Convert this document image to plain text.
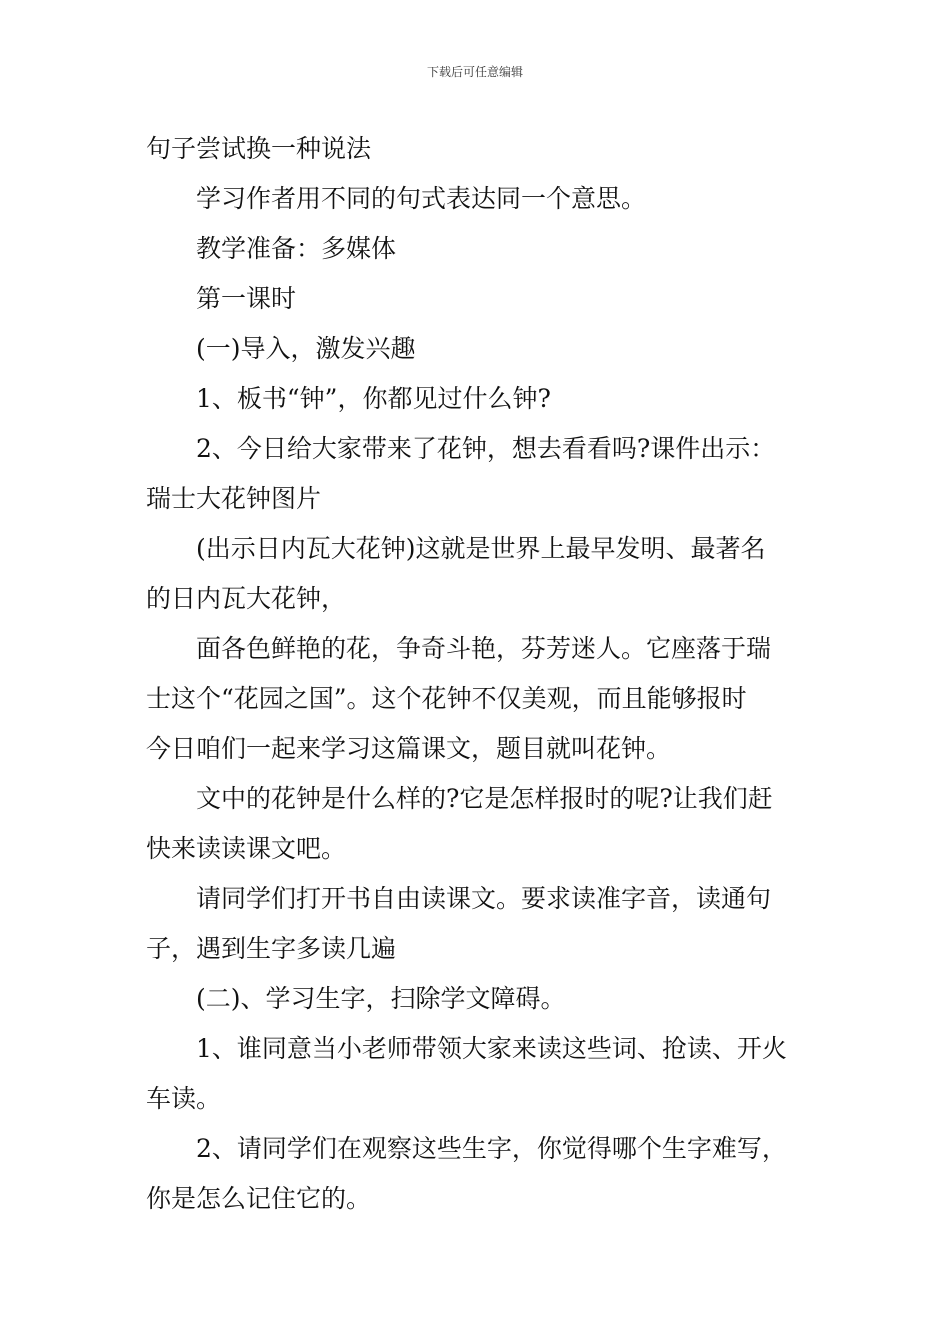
下载后可任意编辑
句子尝试换一种说法
学习作者用不同的句式表达同一个意思。
教学准备：多媒体
第一课时
(一)导入，激发兴趣
1、板书“钟”，你都见过什么钟?
2、今日给大家带来了花钟，想去看看吗?课件出示：
瑞士大花钟图片
(出示日内瓦大花钟)这就是世界上最早发明、最著名
的日内瓦大花钟，
面各色鲜艳的花，争奇斗艳，芬芳迷人。它座落于瑞
士这个“花园之国”。这个花钟不仅美观，而且能够报时
今日咱们一起来学习这篇课文，题目就叫花钟。
文中的花钟是什么样的?它是怎样报时的呢?让我们赶
快来读读课文吧。
请同学们打开书自由读课文。要求读准字音，读通句
子，遇到生字多读几遍
(二)、学习生字，扫除学文障碍。
1、谁同意当小老师带领大家来读这些词、抢读、开火
车读。
2、请同学们在观察这些生字，你觉得哪个生字难写，
你是怎么记住它的。
